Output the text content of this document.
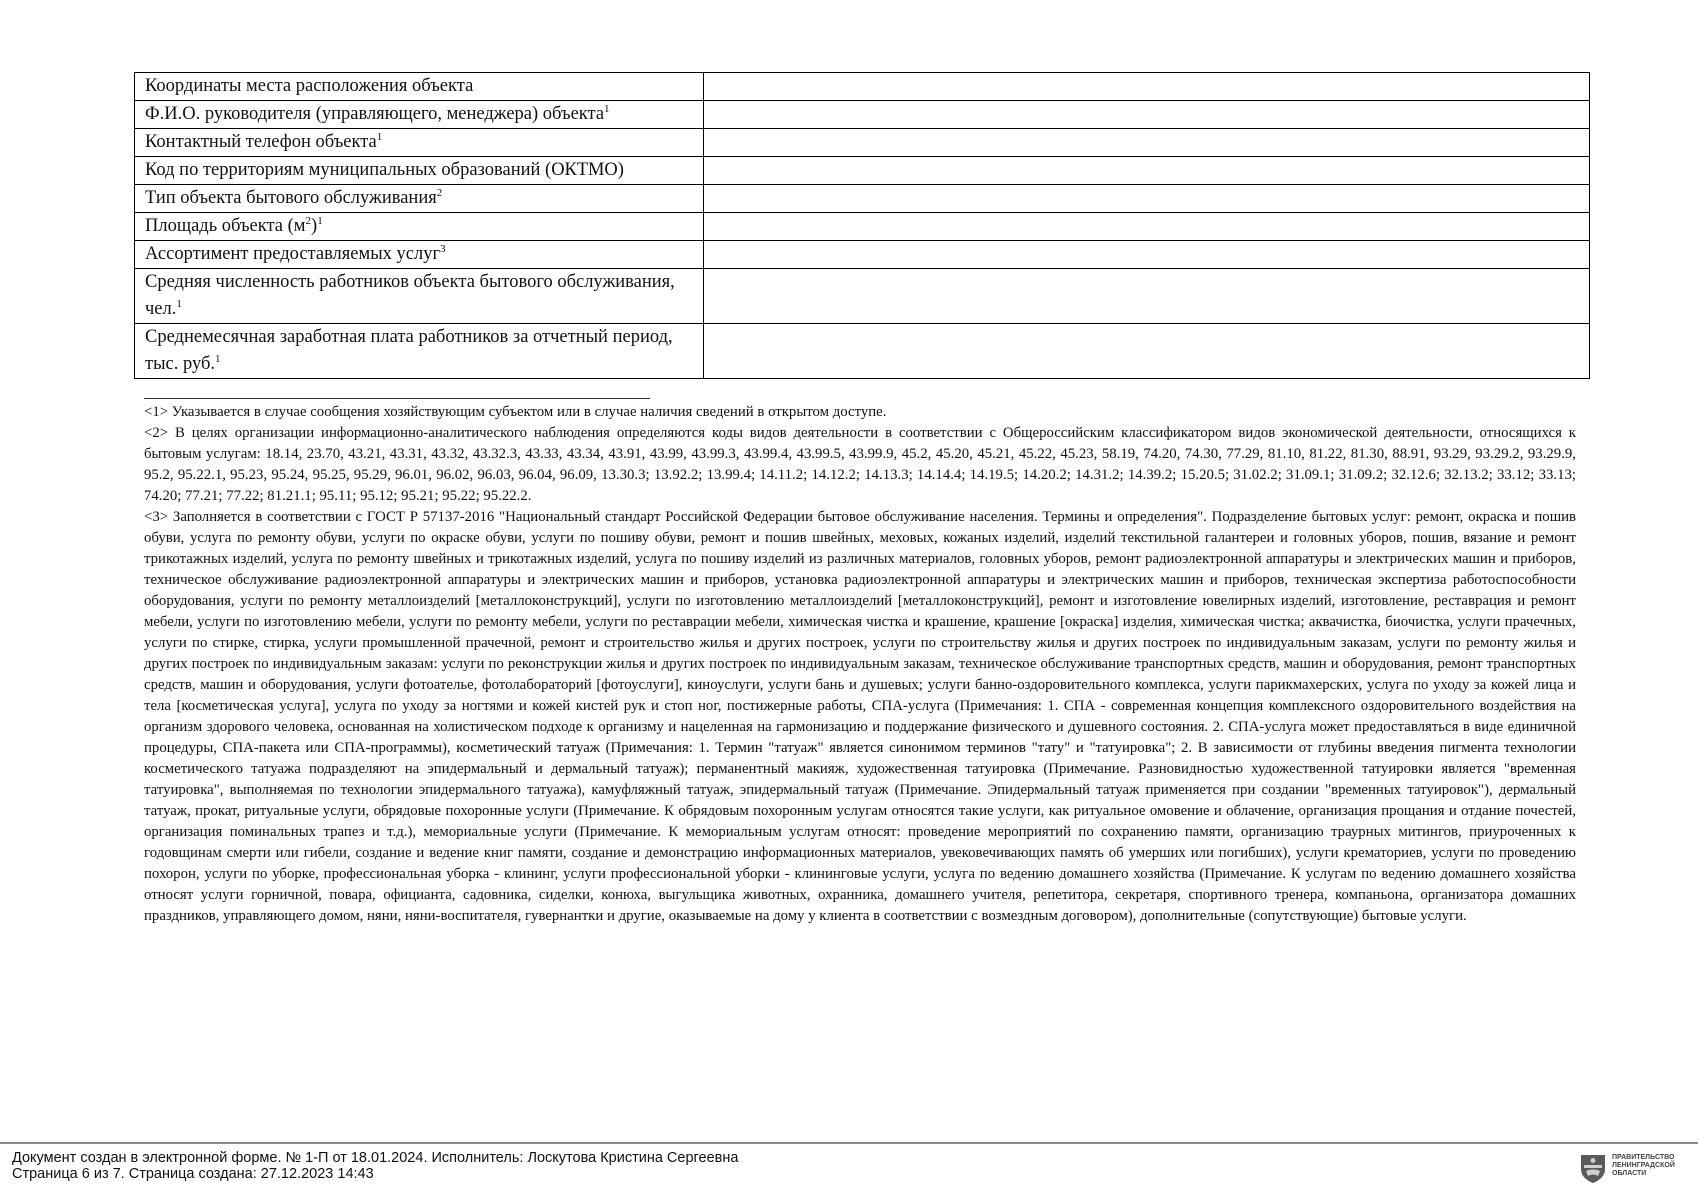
Координаты места расположения объекта	
Ф.И.О. руководителя (управляющего, менеджера) объекта$^1$	
Контактный телефон объекта$^1$	
Код по территориям муниципальных образований (ОКТМО)	
Тип объекта бытового обслуживания$^2$	
Площадь объекта $(м^2)^1$	
Ассортимент предоставляемых услуг$^3$	
Средняя численность работников объекта бытового обслуживания, чел.$^1$	
Среднемесячная заработная плата работников за отчетный период, тыс. руб.$^1$	

<1> Указывается в случае сообщения хозяйствующим субъектом или в случае наличия сведений в открытом доступе.

<2> В целях организации информационно-аналитического наблюдения определяются коды видов деятельности в соответствии с Общероссийским классификатором видов экономической деятельности, относящихся к бытовым услугам: 18.14, 23.70, 43.21, 43.31, 43.32, 43.32.3, 43.33, 43.34, 43.91, 43.99, 43.99.3, 43.99.4, 43.99.5, 43.99.9, 45.2, 45.20, 45.21, 45.22, 45.23, 58.19, 74.20, 74.30, 77.29, 81.10, 81.22, 81.30, 88.91, 93.29, 93.29.2, 93.29.9, 95.2, 95.22.1, 95.23, 95.24, 95.25, 95.29, 96.01, 96.02, 96.03, 96.04, 96.09, 13.30.3; 13.92.2; 13.99.4; 14.11.2; 14.12.2; 14.13.3; 14.14.4; 14.19.5; 14.20.2; 14.31.2; 14.39.2; 15.20.5; 31.02.2; 31.09.1; 31.09.2; 32.12.6; 32.13.2; 33.12; 33.13; 74.20; 77.21; 77.22; 81.21.1; 95.11; 95.12; 95.21; 95.22; 95.22.2.

<3> Заполняется в соответствии с ГОСТ Р 57137-2016 "Национальный стандарт Российской Федерации бытовое обслуживание населения. Термины и определения". Подразделение бытовых услуг: ремонт, окраска и пошив обуви, услуга по ремонту обуви, услуги по окраске обуви, услуги по пошиву обуви, ремонт и пошив швейных, меховых, кожаных изделий, изделий текстильной галантереи и головных уборов, пошив, вязание и ремонт трикотажных изделий, услуга по ремонту швейных и трикотажных изделий, услуга по пошиву изделий из различных материалов, головных уборов, ремонт радиоэлектронной аппаратуры и электрических машин и приборов, техническое обслуживание радиоэлектронной аппаратуры и электрических машин и приборов, установка радиоэлектронной аппаратуры и электрических машин и приборов, техническая экспертиза работоспособности оборудования, услуги по ремонту металлоизделий [металлоконструкций], услуги по изготовлению металлоизделий [металлоконструкций], ремонт и изготовление ювелирных изделий, изготовление, реставрация и ремонт мебели, услуги по изготовлению мебели, услуги по ремонту мебели, услуги по реставрации мебели, химическая чистка и крашение, крашение [окраска] изделия, химическая чистка; аквачистка, биочистка, услуги прачечных, услуги по стирке, стирка, услуги промышленной прачечной, ремонт и строительство жилья и других построек, услуги по строительству жилья и других построек по индивидуальным заказам, услуги по ремонту жилья и других построек по индивидуальным заказам: услуги по реконструкции жилья и других построек по индивидуальным заказам, техническое обслуживание транспортных средств, машин и оборудования, ремонт транспортных средств, машин и оборудования, услуги фотоателье, фотолабораторий [фотоуслуги], киноуслуги, услуги бань и душевых; услуги банно-оздоровительного комплекса, услуги парикмахерских, услуга по уходу за кожей лица и тела [косметическая услуга], услуга по уходу за ногтями и кожей кистей рук и стоп ног, постижерные работы, СПА-услуга (Примечания: 1. СПА - современная концепция комплексного оздоровительного воздействия на организм здорового человека, основанная на холистическом подходе к организму и нацеленная на гармонизацию и поддержание физического и душевного состояния. 2. СПА-услуга может предоставляться в виде единичной процедуры, СПА-пакета или СПА-программы), косметический татуаж (Примечания: 1. Термин "татуаж" является синонимом терминов "тату" и "татуировка"; 2. В зависимости от глубины введения пигмента технологии косметического татуажа подразделяют на эпидермальный и дермальный татуаж); перманентный макияж, художественная татуировка (Примечание. Разновидностью художественной татуировки является "временная татуировка", выполняемая по технологии эпидермального татуажа), камуфляжный татуаж, эпидермальный татуаж (Примечание. Эпидермальный татуаж применяется при создании "временных татуировок"), дермальный татуаж, прокат, ритуальные услуги, обрядовые похоронные услуги (Примечание. К обрядовым похоронным услугам относятся такие услуги, как ритуальное омовение и облачение, организация прощания и отдание почестей, организация поминальных трапез и т.д.), мемориальные услуги (Примечание. К мемориальным услугам относят: проведение мероприятий по сохранению памяти, организацию траурных митингов, приуроченных к годовщинам смерти или гибели, создание и ведение книг памяти, создание и демонстрацию информационных материалов, увековечивающих память об умерших или погибших), услуги крематориев, услуги по проведению похорон, услуги по уборке, профессиональная уборка - клининг, услуги профессиональной уборки - клининговые услуги, услуга по ведению домашнего хозяйства (Примечание. К услугам по ведению домашнего хозяйства относят услуги горничной, повара, официанта, садовника, сиделки, конюха, выгульщика животных, охранника, домашнего учителя, репетитора, секретаря, спортивного тренера, компаньона, организатора домашних праздников, управляющего домом, няни, няни-воспитателя, гувернантки и другие, оказываемые на дому у клиента в соответствии с возмездным договором), дополнительные (сопутствующие) бытовые услуги.

Документ создан в электронной форме. № 1-П от 18.01.2024. Исполнитель: Лоскутова Кристина Сергеевна
Страница 6 из 7. Страница создана: 27.12.2023 14:43
ПРАВИТЕЛЬСТВО ЛЕНИНГРАДСКОЙ ОБЛАСТИ
